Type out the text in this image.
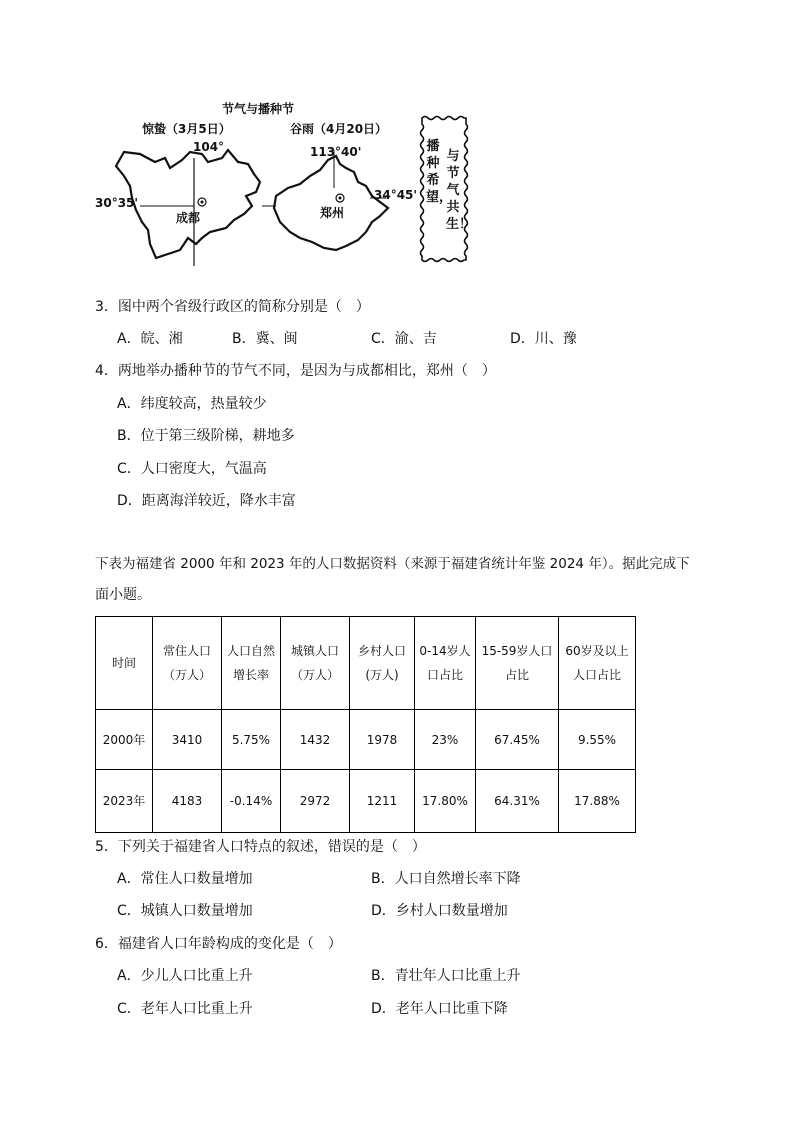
节气与播种节
惊蛰（3月5日）	谷雨（4月20日）
104°
30°35'
成都
113°40'
34°45'
郑州
播种希望，
与节气共生！
3．图中两个省级行政区的简称分别是（　）
A．皖、湘	B．冀、闽	C．渝、吉	D．川、豫
4．两地举办播种节的节气不同，是因为与成都相比，郑州（　）
A．纬度较高，热量较少
B．位于第三级阶梯，耕地多
C．人口密度大，气温高
D．距离海洋较近，降水丰富
下表为福建省 2000 年和 2023 年的人口数据资料（来源于福建省统计年鉴 2024 年）。据此完成下
面小题。
时间	常住人口（万人）	人口自然增长率	城镇人口（万人）	乡村人口(万人)	0-14岁人口占比	15-59岁人口占比	60岁及以上人口占比
2000年	3410	5.75%	1432	1978	23%	67.45%	9.55%
2023年	4183	-0.14%	2972	1211	17.80%	64.31%	17.88%
5．下列关于福建省人口特点的叙述，错误的是（　）
A．常住人口数量增加	B．人口自然增长率下降
C．城镇人口数量增加	D．乡村人口数量增加
6．福建省人口年龄构成的变化是（　）
A．少儿人口比重上升	B．青壮年人口比重上升
C．老年人口比重上升	D．老年人口比重下降
